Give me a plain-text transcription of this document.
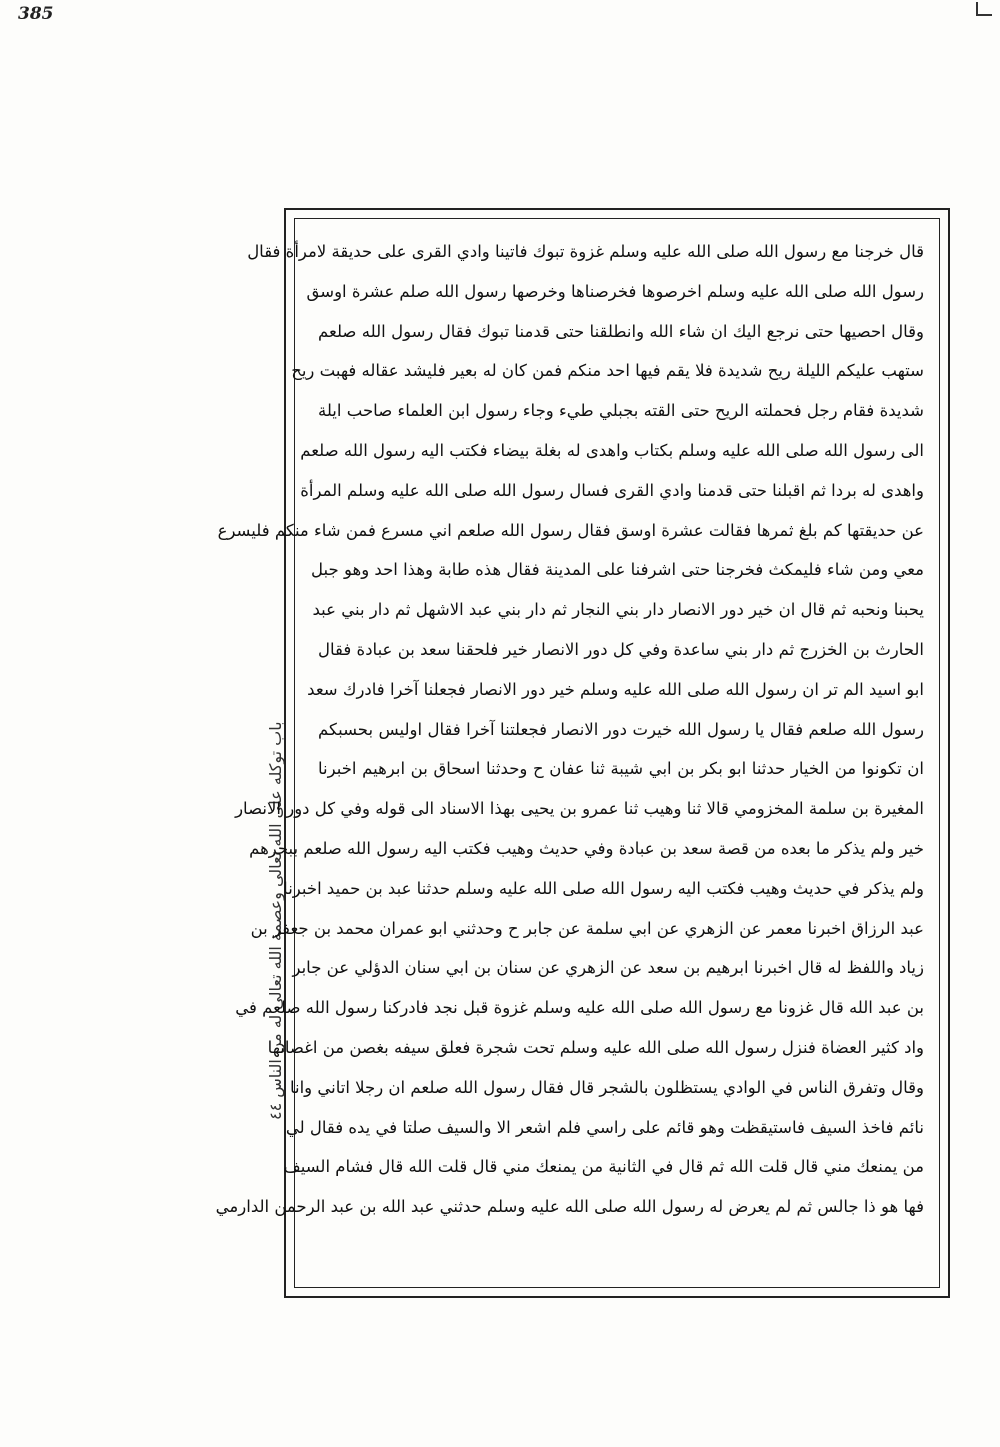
385
باب توكله على الله تعالى وعصمة الله تعالى له من الناس ٤٤
قال خرجنا مع رسول الله صلى الله عليه وسلم غزوة تبوك فاتينا وادي القرى على حديقة لامرأة فقال
رسول الله صلى الله عليه وسلم اخرصوها فخرصناها وخرصها رسول الله صلم عشرة اوسق
وقال احصيها حتى نرجع اليك ان شاء الله وانطلقنا حتى قدمنا تبوك فقال رسول الله صلعم
ستهب عليكم الليلة ريح شديدة فلا يقم فيها احد منكم فمن كان له بعير فليشد عقاله فهبت ريح
شديدة فقام رجل فحملته الريح حتى القته بجبلي طيء وجاء رسول ابن العلماء صاحب ايلة
الى رسول الله صلى الله عليه وسلم بكتاب واهدى له بغلة بيضاء فكتب اليه رسول الله صلعم
واهدى له بردا ثم اقبلنا حتى قدمنا وادي القرى فسال رسول الله صلى الله عليه وسلم المرأة
عن حديقتها كم بلغ ثمرها فقالت عشرة اوسق فقال رسول الله صلعم اني مسرع فمن شاء منكم فليسرع
معي ومن شاء فليمكث فخرجنا حتى اشرفنا على المدينة فقال هذه طابة وهذا احد وهو جبل
يحبنا ونحبه ثم قال ان خير دور الانصار دار بني النجار ثم دار بني عبد الاشهل ثم دار بني عبد
الحارث بن الخزرج ثم دار بني ساعدة وفي كل دور الانصار خير فلحقنا سعد بن عبادة فقال
ابو اسيد الم تر ان رسول الله صلى الله عليه وسلم خير دور الانصار فجعلنا آخرا فادرك سعد
رسول الله صلعم فقال يا رسول الله خيرت دور الانصار فجعلتنا آخرا فقال اوليس بحسبكم
ان تكونوا من الخيار حدثنا ابو بكر بن ابي شيبة ثنا عفان ح وحدثنا اسحاق بن ابرهيم اخبرنا
المغيرة بن سلمة المخزومي قالا ثنا وهيب ثنا عمرو بن يحيى بهذا الاسناد الى قوله وفي كل دور الانصار
خير ولم يذكر ما بعده من قصة سعد بن عبادة وفي حديث وهيب فكتب اليه رسول الله صلعم ببحرهم
ولم يذكر في حديث وهيب فكتب اليه رسول الله صلى الله عليه وسلم حدثنا عبد بن حميد اخبرنا
عبد الرزاق اخبرنا معمر عن الزهري عن ابي سلمة عن جابر ح وحدثني ابو عمران محمد بن جعفر بن
زياد واللفظ له قال اخبرنا ابرهيم بن سعد عن الزهري عن سنان بن ابي سنان الدؤلي عن جابر
بن عبد الله قال غزونا مع رسول الله صلى الله عليه وسلم غزوة قبل نجد فادركنا رسول الله صلعم في
واد كثير العضاة فنزل رسول الله صلى الله عليه وسلم تحت شجرة فعلق سيفه بغصن من اغصانها
وقال وتفرق الناس في الوادي يستظلون بالشجر قال فقال رسول الله صلعم ان رجلا اتاني وانا
نائم فاخذ السيف فاستيقظت وهو قائم على راسي فلم اشعر الا والسيف صلتا في يده فقال لي
من يمنعك مني قال قلت الله ثم قال في الثانية من يمنعك مني قال قلت الله قال فشام السيف
فها هو ذا جالس ثم لم يعرض له رسول الله صلى الله عليه وسلم حدثني عبد الله بن عبد الرحمن الدارمي
